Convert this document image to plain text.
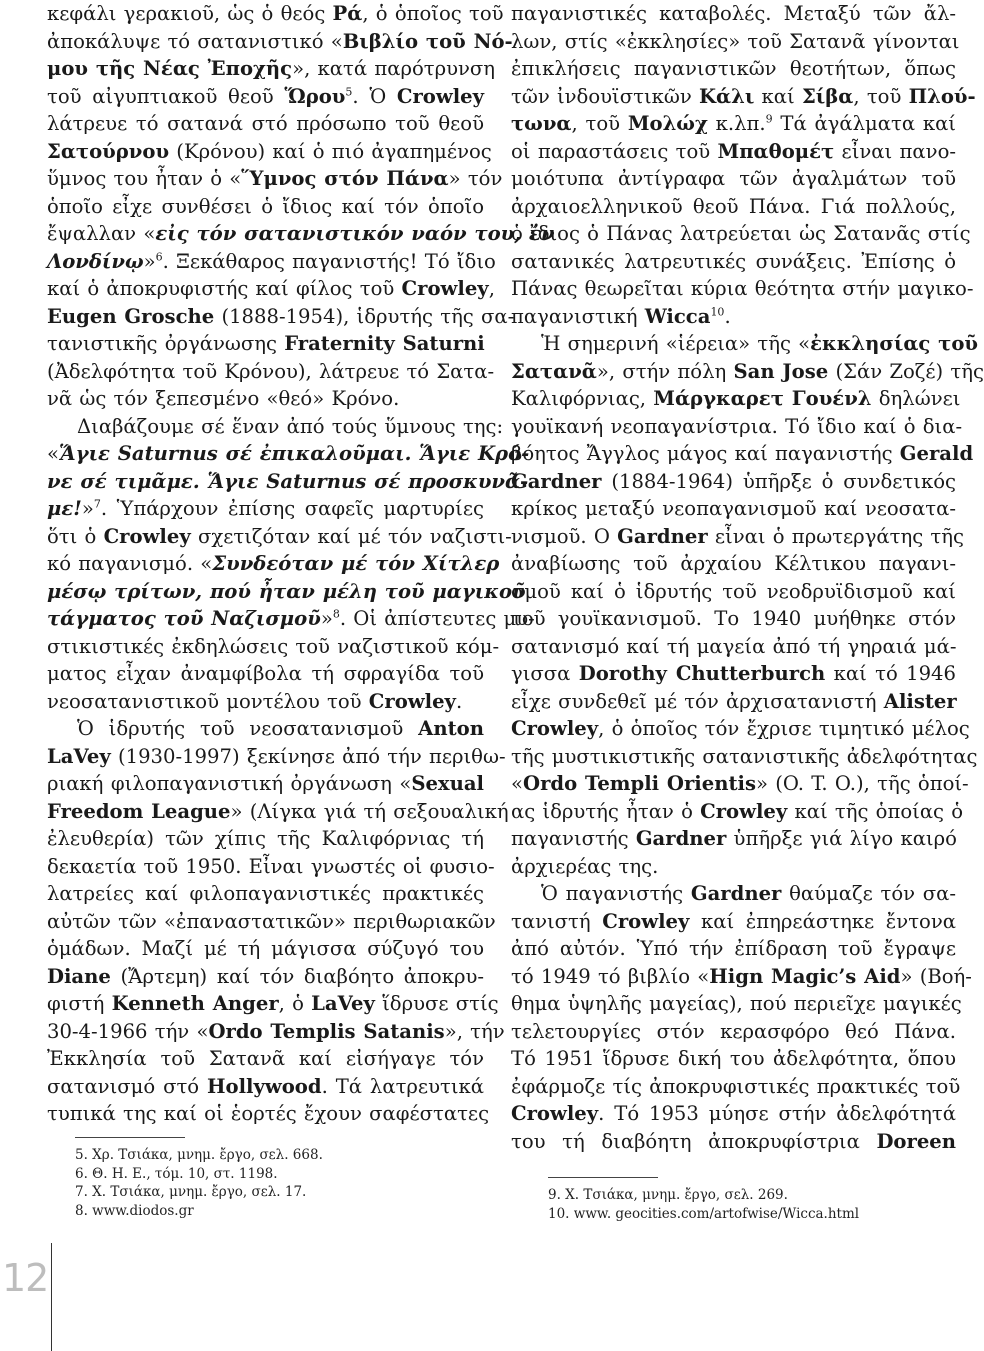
κεφάλι γερακιοῦ, ὡς ὁ θεός Ρά, ὁ ὁποῖος τοῦ

ἀποκάλυψε τό σατανιστικό «Βιβλίο τοῦ Νό-

μου τῆς Νέας Ἐποχῆς», κατά παρότρυνση

τοῦ αἰγυπτιακοῦ θεοῦ Ὥρου$^5$. Ὁ Crowley

λάτρευε τό σατανά στό πρόσωπο τοῦ θεοῦ

Σατούρνου (Κρόνου) καί ὁ πιό ἀγαπημένος

ὕμνος του ἦταν ὁ «Ὕμνος στόν Πάνα» τόν

ὁποῖο εἶχε συνθέσει ὁ ἴδιος καί τόν ὁποῖο

ἔψαλλαν «εἰς τόν σατανιστικόν ναόν του, ἐν

Λονδίνῳ»$^6$. Ξεκάθαρος παγανιστής! Τό ἴδιο

καί ὁ ἀποκρυφιστής καί φίλος τοῦ Crowley,

Eugen Grosche (1888-1954), ἱδρυτής τῆς σα-

τανιστικῆς ὀργάνωσης Fraternity Saturni

(Ἀδελφότητα τοῦ Κρόνου), λάτρευε τό Σατα-

νᾶ ὡς τόν ξεπεσμένο «θεό» Κρόνο.

Διαβάζουμε σέ ἕναν ἀπό τούς ὕμνους της:

«Ἅγιε Saturnus σέ ἐπικαλοῦμαι. Ἅγιε Κρό-

νε σέ τιμᾶμε. Ἅγιε Saturnus σέ προσκυνᾶ-

με!»$^7$. Ὑπάρχουν ἐπίσης σαφεῖς μαρτυρίες

ὅτι ὁ Crowley σχετιζόταν καί μέ τόν ναζιστι-

κό παγανισμό. «Συνδεόταν μέ τόν Χίτλερ

μέσῳ τρίτων, πού ἦταν μέλη τοῦ μαγικοῦ

τάγματος τοῦ Ναζισμοῦ»$^8$. Οἱ ἀπίστευτες μυ-

στικιστικές ἐκδηλώσεις τοῦ ναζιστικοῦ κόμ-

ματος εἶχαν ἀναμφίβολα τή σφραγίδα τοῦ

νεοσατανιστικοῦ μοντέλου τοῦ Crowley.

Ὁ ἱδρυτής τοῦ νεοσατανισμοῦ Anton

LaVey (1930-1997) ξεκίνησε ἀπό τήν περιθω-

ριακή φιλοπαγανιστική ὀργάνωση «Sexual

Freedom League» (Λίγκα γιά τή σεξουαλική

ἐλευθερία) τῶν χίπις τῆς Καλιφόρνιας τή

δεκαετία τοῦ 1950. Εἶναι γνωστές οἱ φυσιο-

λατρείες καί φιλοπαγανιστικές πρακτικές

αὐτῶν τῶν «ἐπαναστατικῶν» περιθωριακῶν

ὁμάδων. Μαζί μέ τή μάγισσα σύζυγό του

Diane (Ἄρτεμη) καί τόν διαβόητο ἀποκρυ-

φιστή Kenneth Anger, ὁ LaVey ἵδρυσε στίς

30-4-1966 τήν «Ordo Templis Satanis», τήν

Ἐκκλησία τοῦ Σατανᾶ καί εἰσήγαγε τόν

σατανισμό στό Hollywood. Τά λατρευτικά

τυπικά της καί οἱ ἑορτές ἔχουν σαφέστατες

παγανιστικές καταβολές. Μεταξύ τῶν ἄλ-

λων, στίς «ἐκκλησίες» τοῦ Σατανᾶ γίνονται

ἐπικλήσεις παγανιστικῶν θεοτήτων, ὅπως

τῶν ἰνδουϊστικῶν Κάλι καί Σίβα, τοῦ Πλού-

τωνα, τοῦ Μολώχ κ.λπ.$^9$ Τά ἀγάλματα καί

οἱ παραστάσεις τοῦ Μπαθομέτ εἶναι πανο-

μοιότυπα ἀντίγραφα τῶν ἀγαλμάτων τοῦ

ἀρχαιοελληνικοῦ θεοῦ Πάνα. Γιά πολλούς,

ὁ ἴδιος ὁ Πάνας λατρεύεται ὡς Σατανᾶς στίς

σατανικές λατρευτικές συνάξεις. Ἐπίσης ὁ

Πάνας θεωρεῖται κύρια θεότητα στήν μαγικο-

παγανιστική Wicca$^{10}$.

Ἡ σημερινή «ἱέρεια» τῆς «ἐκκλησίας τοῦ

Σατανᾶ», στήν πόλη San Jose (Σάν Ζοζέ) τῆς

Καλιφόρνιας, Μάργκαρετ Γουένλ δηλώνει

γουϊκανή νεοπαγανίστρια. Τό ἴδιο καί ὁ δια-

βόητος Ἄγγλος μάγος καί παγανιστής Gerald

Gardner (1884-1964) ὑπῆρξε ὁ συνδετικός

κρίκος μεταξύ νεοπαγανισμοῦ καί νεοσατα-

νισμοῦ. Ο Gardner εἶναι ὁ πρωτεργάτης τῆς

ἀναβίωσης τοῦ ἀρχαίου Κέλτικου παγανι-

σμοῦ καί ὁ ἱδρυτής τοῦ νεοδρυϊδισμοῦ καί

τοῦ γουϊκανισμοῦ. Το 1940 μυήθηκε στόν

σατανισμό καί τή μαγεία ἀπό τή γηραιά μά-

γισσα Dorothy Chutterburch καί τό 1946

εἶχε συνδεθεῖ μέ τόν ἀρχισατανιστή Alister

Crowley, ὁ ὁποῖος τόν ἔχρισε τιμητικό μέλος

τῆς μυστικιστικῆς σατανιστικῆς ἀδελφότητας

«Ordo Templi Orientis» (O. T. O.), τῆς ὁποί-

ας ἱδρυτής ἦταν ὁ Crowley καί τῆς ὁποίας ὁ

παγανιστής Gardner ὑπῆρξε γιά λίγο καιρό

ἀρχιερέας της.

Ὁ παγανιστής Gardner θαύμαζε τόν σα-

τανιστή Crowley καί ἐπηρεάστηκε ἔντονα

ἀπό αὐτόν. Ὑπό τήν ἐπίδραση τοῦ ἔγραψε

τό 1949 τό βιβλίο «Hign Magic’s Aid» (Βοή-

θημα ὑψηλῆς μαγείας), πού περιεῖχε μαγικές

τελετουργίες στόν κερασφόρο θεό Πάνα.

Τό 1951 ἵδρυσε δική του ἀδελφότητα, ὅπου

ἐφάρμοζε τίς ἀποκρυφιστικές πρακτικές τοῦ

Crowley. Τό 1953 μύησε στήν ἀδελφότητά

του τή διαβόητη ἀποκρυφίστρια Doreen

5. Χρ. Τσιάκα, μνημ. ἔργο, σελ. 668.
6. Θ. Η. Ε., τόμ. 10, στ. 1198.
7. Χ. Τσιάκα, μνημ. ἔργο, σελ. 17.
8. www.diodos.gr
9. Χ. Τσιάκα, μνημ. ἔργο, σελ. 269.
10. www. geocities.com/artofwise/Wicca.html
12
